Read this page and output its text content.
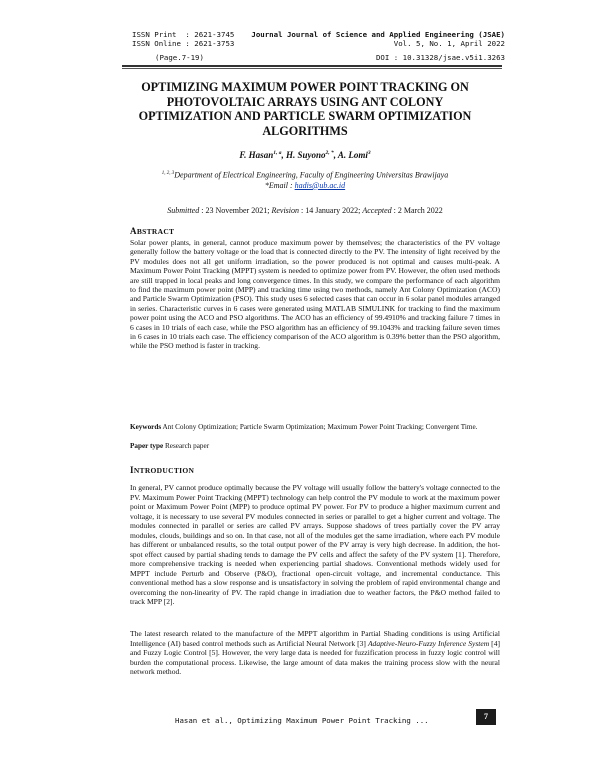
ISSN Print  : 2621-3745
ISSN Online : 2621-3753
Journal Journal of Science and Applied Engineering (JSAE)
Vol. 5, No. 1, April 2022
(Page.7-19)	DOI : 10.31328/jsae.v5i1.3263
OPTIMIZING MAXIMUM POWER POINT TRACKING ON PHOTOVOLTAIC ARRAYS USING ANT COLONY OPTIMIZATION AND PARTICLE SWARM OPTIMIZATION ALGORITHMS
F. Hasan$^{1, a}$, H. Suyono$^{2, *}$, A. Lomi$^3$
$^{1, 2, 3}$Department of Electrical Engineering, Faculty of Engineering Universitas Brawijaya
*Email : hadis@ub.ac.id
Submitted : 23 November 2021; Revision : 14 January 2022; Accepted : 2 March 2022
ABSTRACT
Solar power plants, in general, cannot produce maximum power by themselves; the characteristics of the PV voltage generally follow the battery voltage or the load that is connected directly to the PV. The intensity of light received by the PV modules does not all get uniform irradiation, so the power produced is not optimal and causes multi-peak. A Maximum Power Point Tracking (MPPT) system is needed to optimize power from PV. However, the often used methods are still trapped in local peaks and long convergence times. In this study, we compare the performance of each algorithm to find the maximum power point (MPP) and tracking time using two methods, namely Ant Colony Optimization (ACO) and Particle Swarm Optimization (PSO). This study uses 6 selected cases that can occur in 6 solar panel modules arranged in series. Characteristic curves in 6 cases were generated using MATLAB SIMULINK for tracking to find the maximum power point using the ACO and PSO algorithms. The ACO has an efficiency of 99.4910% and tracking failure 7 times in 6 cases in 10 trials of each case, while the PSO algorithm has an efficiency of 99.1043% and tracking failure seven times in 6 cases in 10 trials each case. The efficiency comparison of the ACO algorithm is 0.39% better than the PSO algorithm, while the PSO method is faster in tracking.
Keywords Ant Colony Optimization; Particle Swarm Optimization; Maximum Power Point Tracking; Convergent Time.
Paper type Research paper
INTRODUCTION
In general, PV cannot produce optimally because the PV voltage will usually follow the battery's voltage connected to the PV. Maximum Power Point Tracking (MPPT) technology can help control the PV module to work at the maximum power point or Maximum Power Point (MPP) to produce optimal PV power. For PV to produce a higher maximum current and voltage, it is necessary to use several PV modules connected in series or parallel to get a higher current and voltage. The modules connected in parallel or series are called PV arrays. Suppose shadows of trees partially cover the PV array modules, clouds, buildings and so on. In that case, not all of the modules get the same irradiation, where each PV module has different or unbalanced results, so the total output power of the PV array is very high decrease. In addition, the hot-spot effect caused by partial shading tends to damage the PV cells and affect the safety of the PV system [1]. Therefore, more comprehensive tracking is needed when experiencing partial shadows. Conventional methods widely used for MPPT include Perturb and Observe (P&O), fractional open-circuit voltage, and incremental conductance. This conventional method has a slow response and is unsatisfactory in solving the problem of rapid environmental change and overcoming the non-linearity of PV. The rapid change in irradiation due to weather factors, the P&O method failed to track MPP [2].
The latest research related to the manufacture of the MPPT algorithm in Partial Shading conditions is using Artificial Intelligence (AI) based control methods such as Artificial Neural Network [3] Adaptive-Neuro-Fuzzy Inference System [4] and Fuzzy Logic Control [5]. However, the very large data is needed for fuzzification process in fuzzy logic control will burden the computational process. Likewise, the large amount of data makes the training process slow with the neural network method.
Hasan et al., Optimizing Maximum Power Point Tracking ...	7
